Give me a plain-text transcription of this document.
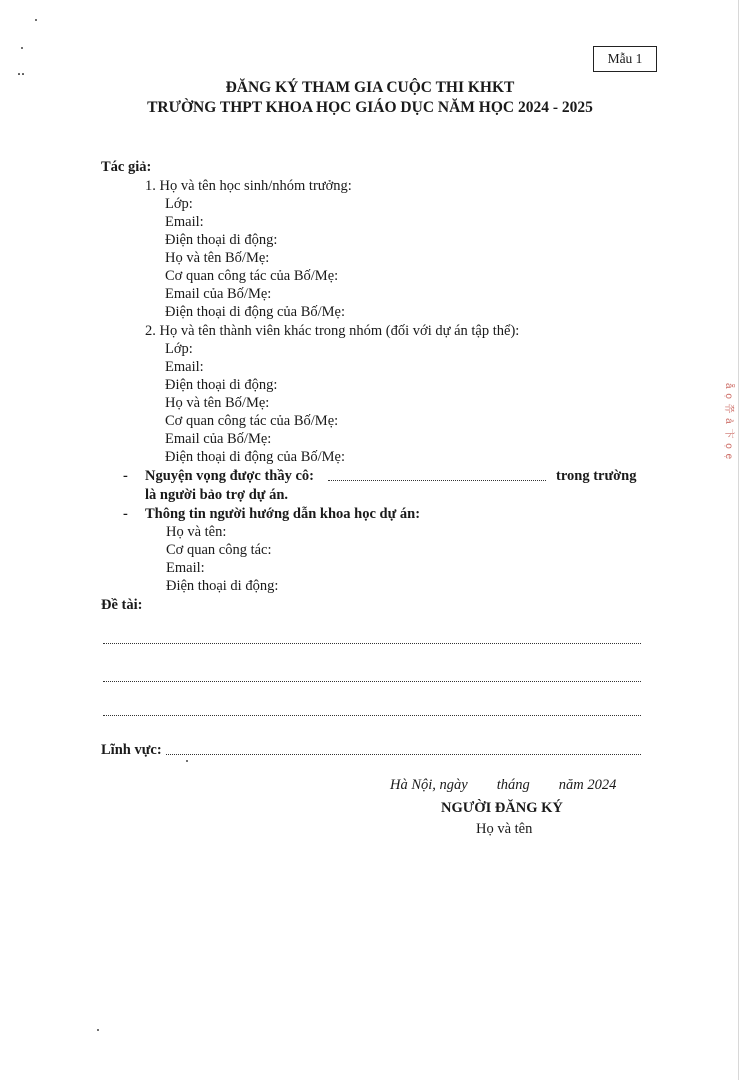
Mẫu 1
ĐĂNG KÝ THAM GIA CUỘC THI KHKT
TRƯỜNG THPT KHOA HỌC GIÁO DỤC NĂM HỌC 2024 - 2025
Tác giả:
1. Họ và tên học sinh/nhóm trưởng:
Lớp:
Email:
Điện thoại di động:
Họ và tên Bố/Mẹ:
Cơ quan công tác của Bố/Mẹ:
Email của Bố/Mẹ:
Điện thoại di động của Bố/Mẹ:
2. Họ và tên thành viên khác trong nhóm (đối với dự án tập thể):
Lớp:
Email:
Điện thoại di động:
Họ và tên Bố/Mẹ:
Cơ quan công tác của Bố/Mẹ:
Email của Bố/Mẹ:
Điện thoại di động của Bố/Mẹ:
- Nguyện vọng được thầy cô:	trong trường
là người bảo trợ dự án.
- Thông tin người hướng dẫn khoa học dự án:
Họ và tên:
Cơ quan công tác:
Email:
Điện thoại di động:
Đề tài:
Lĩnh vực:
Hà Nội, ngày        tháng        năm 2024
NGƯỜI ĐĂNG KÝ
Họ và tên
ẵ ọ 쮸 ả 卞 ọ ẹ
